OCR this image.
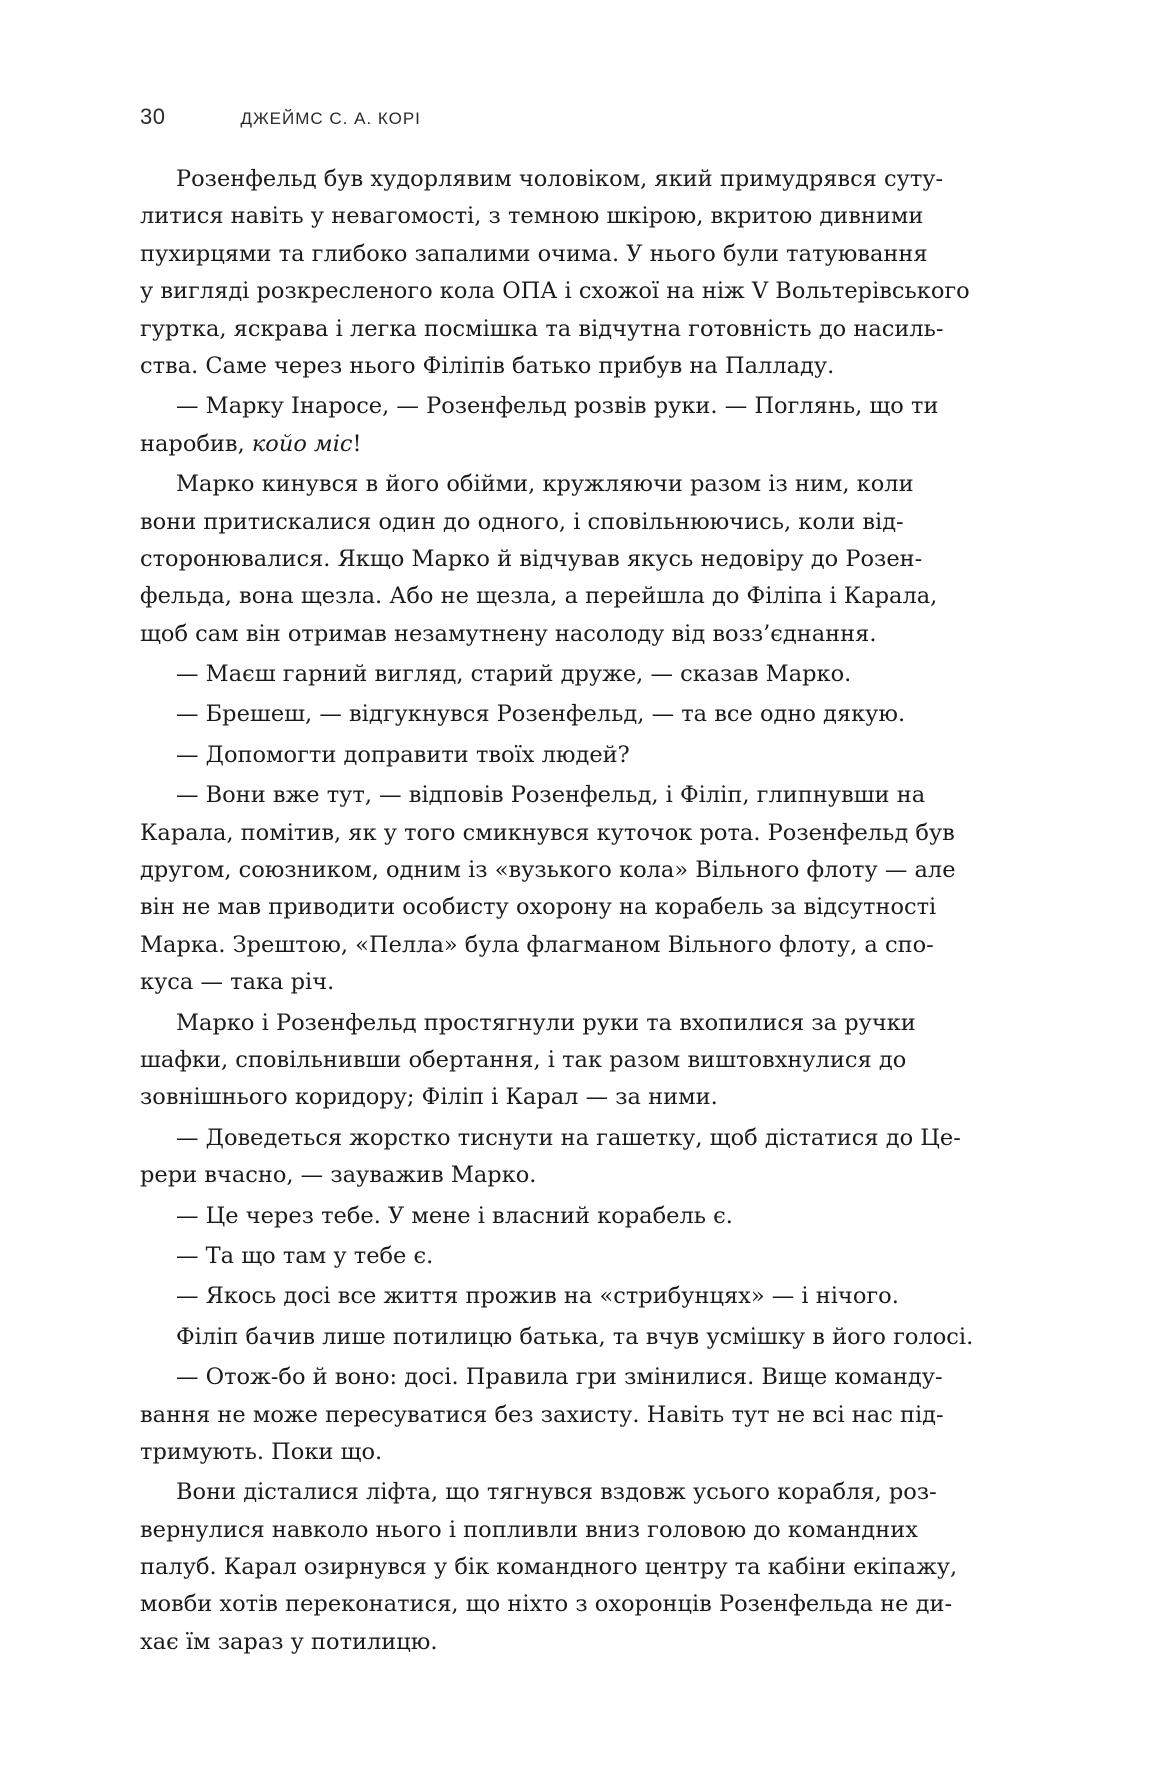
30	ДЖЕЙМС С. А. КОРІ
Розенфельд був худорлявим чоловіком, який примудрявся суту-
литися навіть у невагомості, з темною шкірою, вкритою дивними
пухирцями та глибоко запалими очима. У нього були татуювання
у вигляді розкресленого кола ОПА і схожої на ніж V Вольтерівського
гуртка, яскрава і легка посмішка та відчутна готовність до насиль-
ства. Саме через нього Філіпів батько прибув на Палладу.
— Марку Інаросе, — Розенфельд розвів руки. — Поглянь, що ти
наробив, койо міс!
Марко кинувся в його обійми, кружляючи разом із ним, коли
вони притискалися один до одного, і сповільнюючись, коли від-
сторонювалися. Якщо Марко й відчував якусь недовіру до Розен-
фельда, вона щезла. Або не щезла, а перейшла до Філіпа і Карала,
щоб сам він отримав незамутнену насолоду від возз’єднання.
— Маєш гарний вигляд, старий друже, — сказав Марко.
— Брешеш, — відгукнувся Розенфельд, — та все одно дякую.
— Допомогти доправити твоїх людей?
— Вони вже тут, — відповів Розенфельд, і Філіп, глипнувши на
Карала, помітив, як у того смикнувся куточок рота. Розенфельд був
другом, союзником, одним із «вузького кола» Вільного флоту — але
він не мав приводити особисту охорону на корабель за відсутності
Марка. Зрештою, «Пелла» була флагманом Вільного флоту, а спо-
куса — така річ.
Марко і Розенфельд простягнули руки та вхопилися за ручки
шафки, сповільнивши обертання, і так разом виштовхнулися до
зовнішнього коридору; Філіп і Карал — за ними.
— Доведеться жорстко тиснути на гашетку, щоб дістатися до Це-
рери вчасно, — зауважив Марко.
— Це через тебе. У мене і власний корабель є.
— Та що там у тебе є.
— Якось досі все життя прожив на «стрибунцях» — і нічого.
Філіп бачив лише потилицю батька, та вчув усмішку в його голосі.
— Отож-бо й воно: досі. Правила гри змінилися. Вище команду-
вання не може пересуватися без захисту. Навіть тут не всі нас під-
тримують. Поки що.
Вони дісталися ліфта, що тягнувся вздовж усього корабля, роз-
вернулися навколо нього і попливли вниз головою до командних
палуб. Карал озирнувся у бік командного центру та кабіни екіпажу,
мовби хотів переконатися, що ніхто з охоронців Розенфельда не ди-
хає їм зараз у потилицю.
